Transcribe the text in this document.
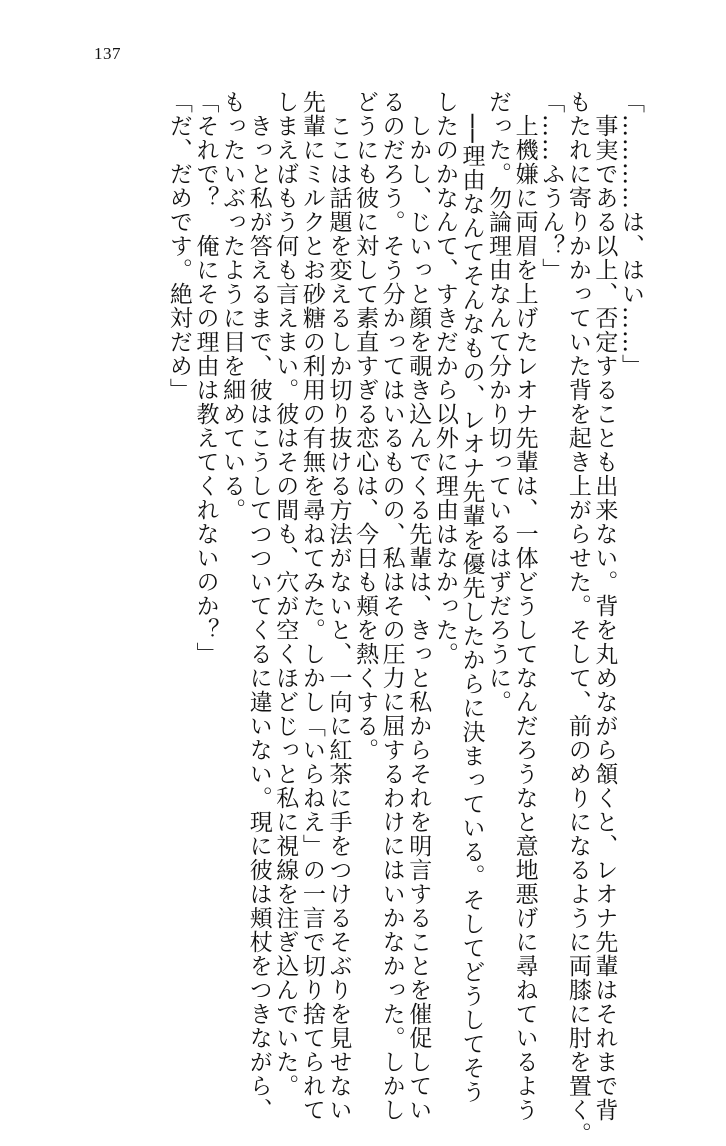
137
「…………は、はい……」
　事実である以上、否定することも出来ない。背を丸めながら頷くと、レオナ先輩はそれまで背
もたれに寄りかかっていた背を起き上がらせた。そして、前のめりになるように両膝に肘を置く。
「……ふうん？」
　上機嫌に両眉を上げたレオナ先輩は、一体どうしてなんだろうなと意地悪げに尋ねているよう
だった。勿論理由なんて分かり切っているはずだろうに。
　──理由なんてそんなもの、レオナ先輩を優先したからに決まっている。そしてどうしてそう
したのかなんて、すきだから以外に理由はなかった。
　しかし、じいっと顔を覗き込んでくる先輩は、きっと私からそれを明言することを催促してい
るのだろう。そう分かってはいるものの、私はその圧力に屈するわけにはいかなかった。しかし
どうにも彼に対して素直すぎる恋心は、今日も頬を熱くする。
　ここは話題を変えるしか切り抜ける方法がないと、一向に紅茶に手をつけるそぶりを見せない
先輩にミルクとお砂糖の利用の有無を尋ねてみた。しかし「いらねえ」の一言で切り捨てられて
しまえばもう何も言えまい。彼はその間も、穴が空くほどじっと私に視線を注ぎ込んでいた。
　きっと私が答えるまで、彼はこうしてつついてくるに違いない。現に彼は頬杖をつきながら、
もったいぶったように目を細めている。
「それで？　俺にその理由は教えてくれないのか？」
「だ、だめです。絶対だめ」
